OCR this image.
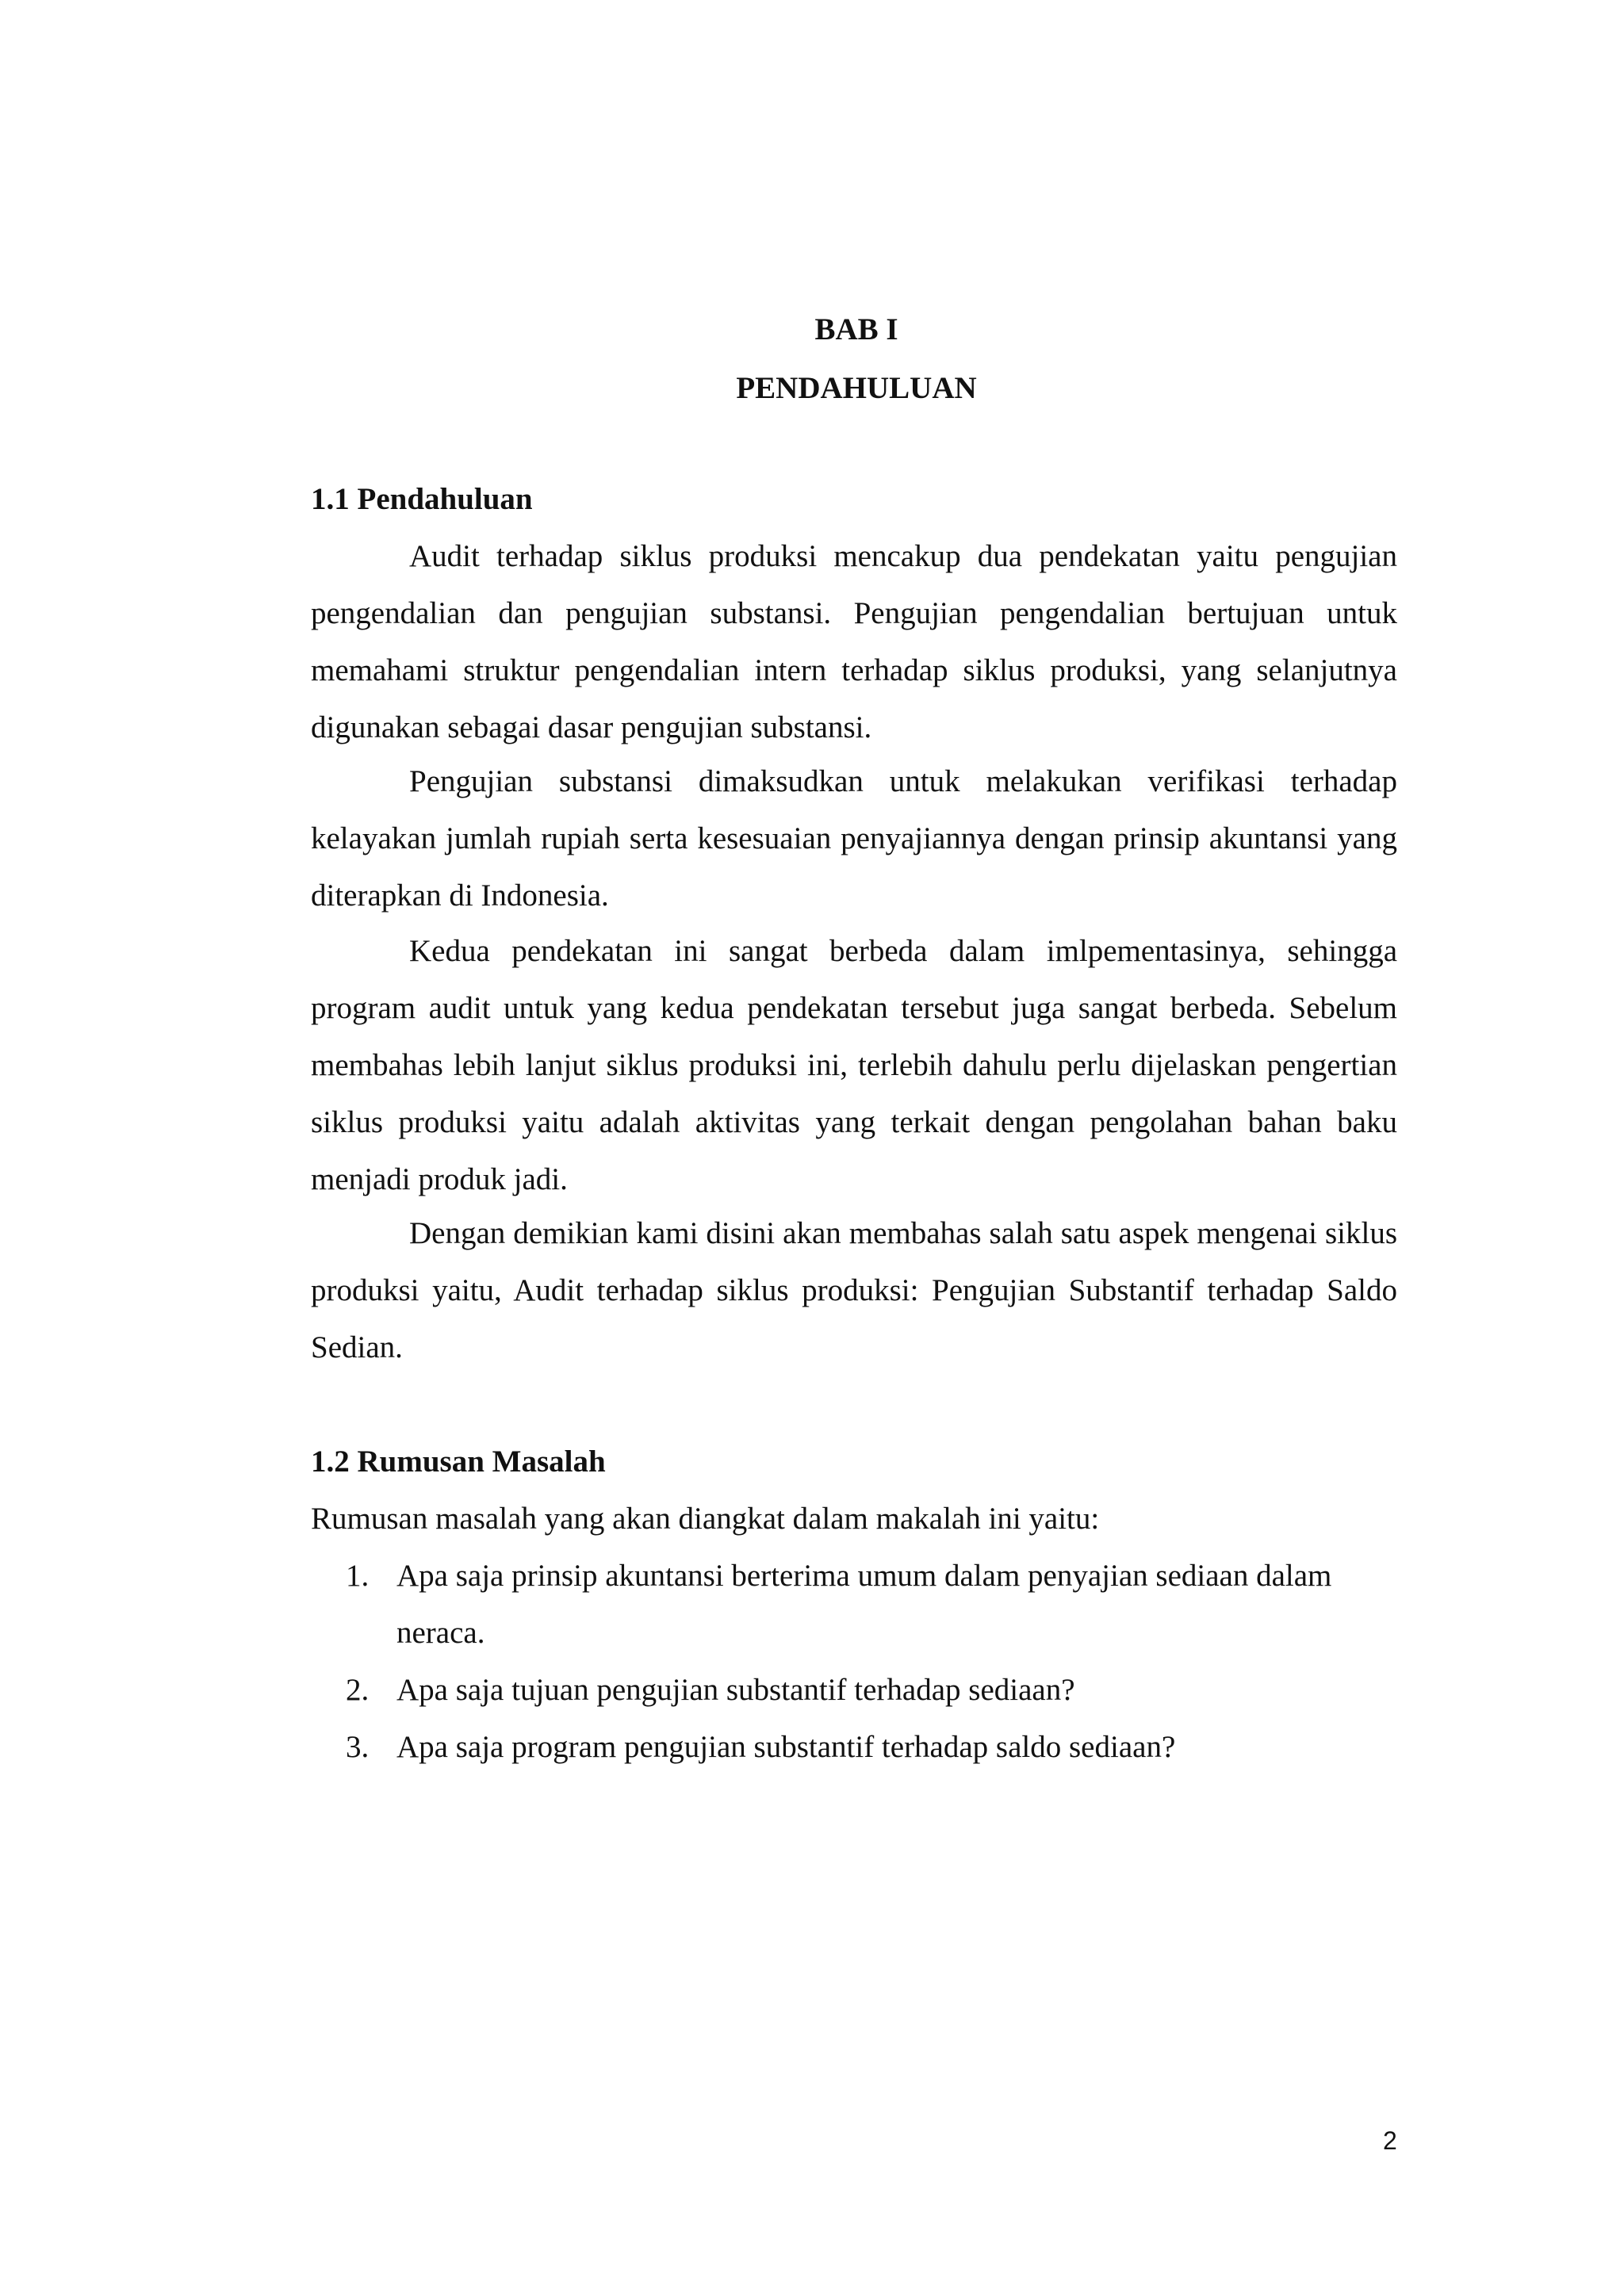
BAB I
PENDAHULUAN
1.1 Pendahuluan

Audit terhadap siklus produksi mencakup dua pendekatan yaitu pengujian pengendalian dan pengujian substansi. Pengujian pengendalian bertujuan untuk memahami struktur pengendalian intern terhadap siklus produksi, yang selanjutnya digunakan sebagai dasar pengujian substansi.

Pengujian substansi dimaksudkan untuk melakukan verifikasi terhadap kelayakan jumlah rupiah serta kesesuaian penyajiannya dengan prinsip akuntansi yang diterapkan di Indonesia.

Kedua pendekatan ini sangat berbeda dalam imlpementasinya, sehingga program audit untuk yang kedua pendekatan tersebut juga sangat berbeda. Sebelum membahas lebih lanjut siklus produksi ini, terlebih dahulu perlu dijelaskan pengertian siklus produksi yaitu adalah aktivitas yang terkait dengan pengolahan bahan baku menjadi produk jadi.

Dengan demikian kami disini akan membahas salah satu aspek mengenai siklus produksi yaitu, Audit terhadap siklus produksi: Pengujian Substantif terhadap Saldo Sedian.

1.2 Rumusan Masalah

Rumusan masalah yang akan diangkat dalam makalah ini yaitu:

1. Apa saja prinsip akuntansi berterima umum dalam penyajian sediaan dalam neraca.
2. Apa saja tujuan pengujian substantif terhadap sediaan?
3. Apa saja program pengujian substantif terhadap saldo sediaan?

2
